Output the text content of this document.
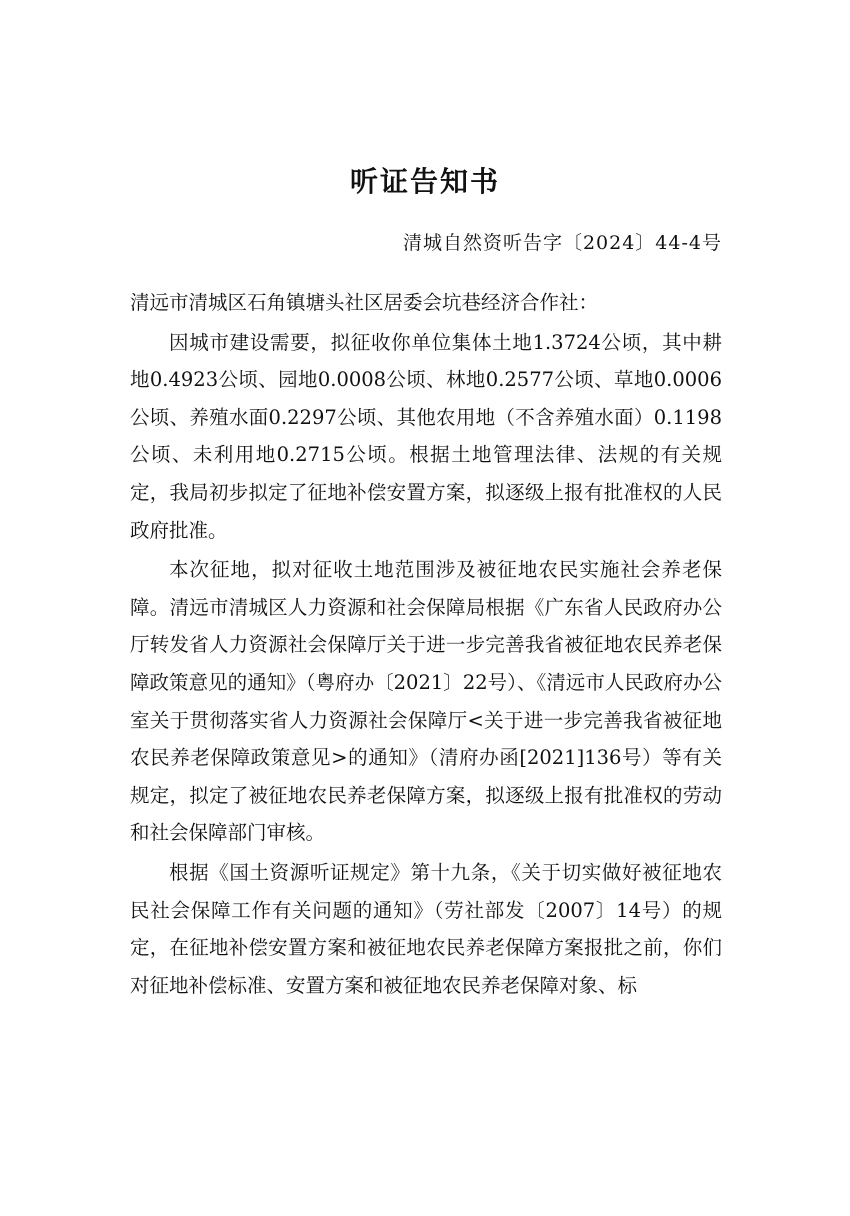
听证告知书
清城自然资听告字〔2024〕44-4号

清远市清城区石角镇塘头社区居委会坑巷经济合作社：

因城市建设需要，拟征收你单位集体土地1.3724公顷，其中耕地0.4923公顷、园地0.0008公顷、林地0.2577公顷、草地0.0006公顷、养殖水面0.2297公顷、其他农用地（不含养殖水面）0.1198公顷、未利用地0.2715公顷。根据土地管理法律、法规的有关规定，我局初步拟定了征地补偿安置方案，拟逐级上报有批准权的人民政府批准。

本次征地，拟对征收土地范围涉及被征地农民实施社会养老保障。清远市清城区人力资源和社会保障局根据《广东省人民政府办公厅转发省人力资源社会保障厅关于进一步完善我省被征地农民养老保障政策意见的通知》（粤府办〔2021〕22号）、《清远市人民政府办公室关于贯彻落实省人力资源社会保障厅<关于进一步完善我省被征地农民养老保障政策意见>的通知》（清府办函[2021]136号）等有关规定，拟定了被征地农民养老保障方案，拟逐级上报有批准权的劳动和社会保障部门审核。

根据《国土资源听证规定》第十九条，《关于切实做好被征地农民社会保障工作有关问题的通知》（劳社部发〔2007〕14号）的规定，在征地补偿安置方案和被征地农民养老保障方案报批之前，你们对征地补偿标准、安置方案和被征地农民养老保障对象、标
